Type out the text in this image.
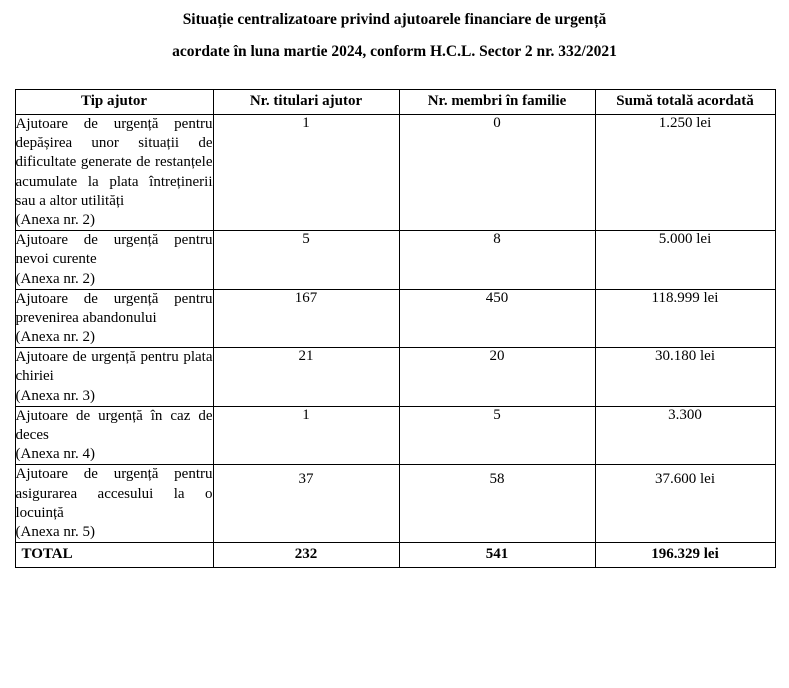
Situație centralizatoare privind ajutoarele financiare de urgență
acordate în luna martie 2024, conform H.C.L. Sector 2 nr. 332/2021
Tip ajutor	Nr. titulari ajutor	Nr. membri în familie	Sumă totală acordată
Ajutoare de urgență pentru depășirea unor situații de dificultate generate de restanțele acumulate la plata întreținerii sau a altor utilități
(Anexa nr. 2)	1	0	1.250 lei
Ajutoare de urgență pentru nevoi curente
(Anexa nr. 2)	5	8	5.000 lei
Ajutoare de urgență pentru prevenirea abandonului
(Anexa nr. 2)	167	450	118.999 lei
Ajutoare de urgență pentru plata chiriei
(Anexa nr. 3)	21	20	30.180 lei
Ajutoare de urgență în caz de deces
(Anexa nr. 4)	1	5	3.300
Ajutoare de urgență pentru asigurarea accesului la o locuință
(Anexa nr. 5)	37	58	37.600 lei
TOTAL	232	541	196.329 lei
